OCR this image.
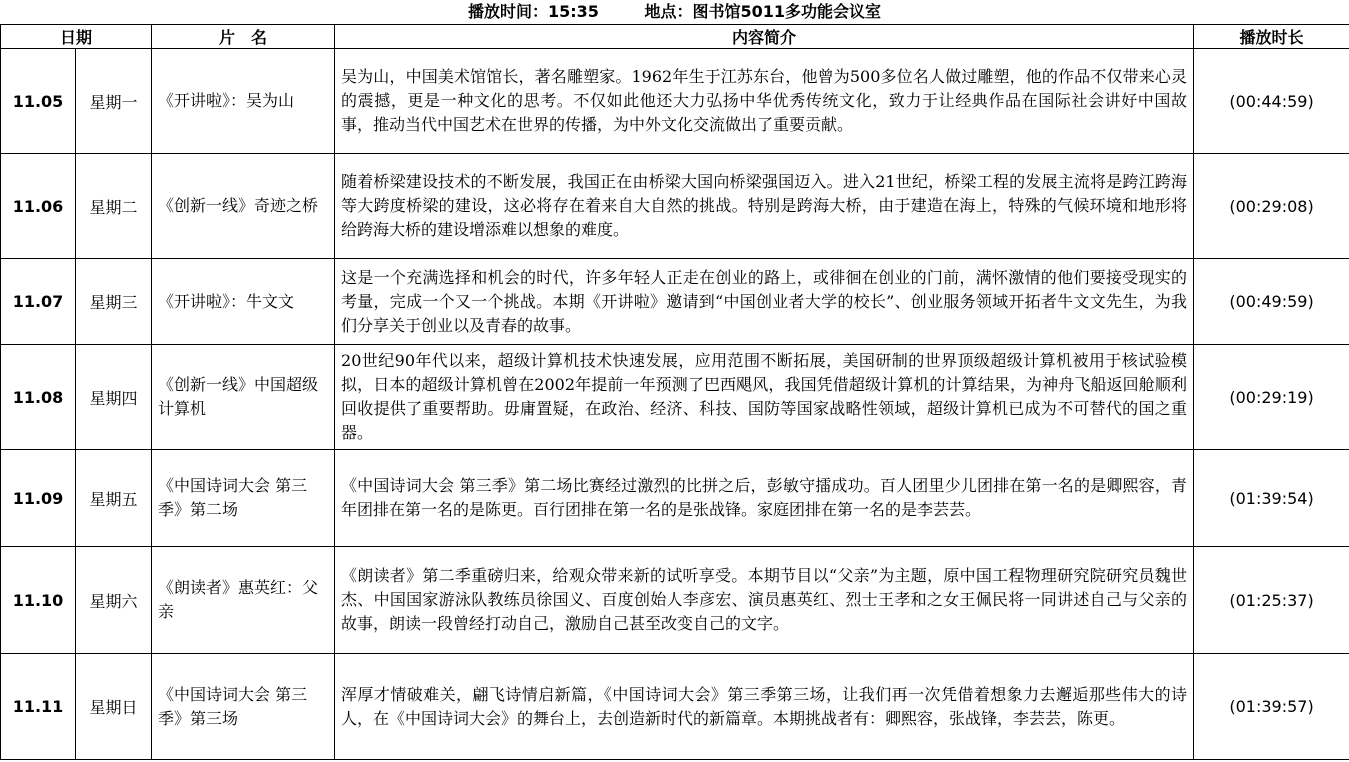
播放时间：15:35	地点：图书馆5011多功能会议室
日期		片　名	内容简介	播放时长
11.05	星期一	《开讲啦》：吴为山	吴为山，中国美术馆馆长，著名雕塑家。1962年生于江苏东台，他曾为500多位名人做过雕塑，他的作品不仅带来心灵的震撼，更是一种文化的思考。不仅如此他还大力弘扬中华优秀传统文化，致力于让经典作品在国际社会讲好中国故事，推动当代中国艺术在世界的传播，为中外文化交流做出了重要贡献。	(00:44:59)
11.06	星期二	《创新一线》奇迹之桥	随着桥梁建设技术的不断发展，我国正在由桥梁大国向桥梁强国迈入。进入21世纪，桥梁工程的发展主流将是跨江跨海等大跨度桥梁的建设，这必将存在着来自大自然的挑战。特别是跨海大桥，由于建造在海上，特殊的气候环境和地形将给跨海大桥的建设增添难以想象的难度。	(00:29:08)
11.07	星期三	《开讲啦》：牛文文	这是一个充满选择和机会的时代，许多年轻人正走在创业的路上，或徘徊在创业的门前，满怀激情的他们要接受现实的考量，完成一个又一个挑战。本期《开讲啦》邀请到“中国创业者大学的校长”、创业服务领域开拓者牛文文先生，为我们分享关于创业以及青春的故事。	(00:49:59)
11.08	星期四	《创新一线》中国超级计算机	20世纪90年代以来，超级计算机技术快速发展，应用范围不断拓展，美国研制的世界顶级超级计算机被用于核试验模拟，日本的超级计算机曾在2002年提前一年预测了巴西飓风，我国凭借超级计算机的计算结果，为神舟飞船返回舱顺利回收提供了重要帮助。毋庸置疑，在政治、经济、科技、国防等国家战略性领域，超级计算机已成为不可替代的国之重器。	(00:29:19)
11.09	星期五	《中国诗词大会 第三季》第二场	《中国诗词大会 第三季》第二场比赛经过激烈的比拼之后，彭敏守擂成功。百人团里少儿团排在第一名的是卿熙容，青年团排在第一名的是陈更。百行团排在第一名的是张战锋。家庭团排在第一名的是李芸芸。	(01:39:54)
11.10	星期六	《朗读者》惠英红：父亲	《朗读者》第二季重磅归来，给观众带来新的试听享受。本期节目以“父亲”为主题，原中国工程物理研究院研究员魏世杰、中国国家游泳队教练员徐国义、百度创始人李彦宏、演员惠英红、烈士王孝和之女王佩民将一同讲述自己与父亲的故事，朗读一段曾经打动自己，激励自己甚至改变自己的文字。	(01:25:37)
11.11	星期日	《中国诗词大会 第三季》第三场	浑厚才情破难关，翩飞诗情启新篇，《中国诗词大会》第三季第三场，让我们再一次凭借着想象力去邂逅那些伟大的诗人，在《中国诗词大会》的舞台上，去创造新时代的新篇章。本期挑战者有：卿熙容，张战锋，李芸芸，陈更。	(01:39:57)
